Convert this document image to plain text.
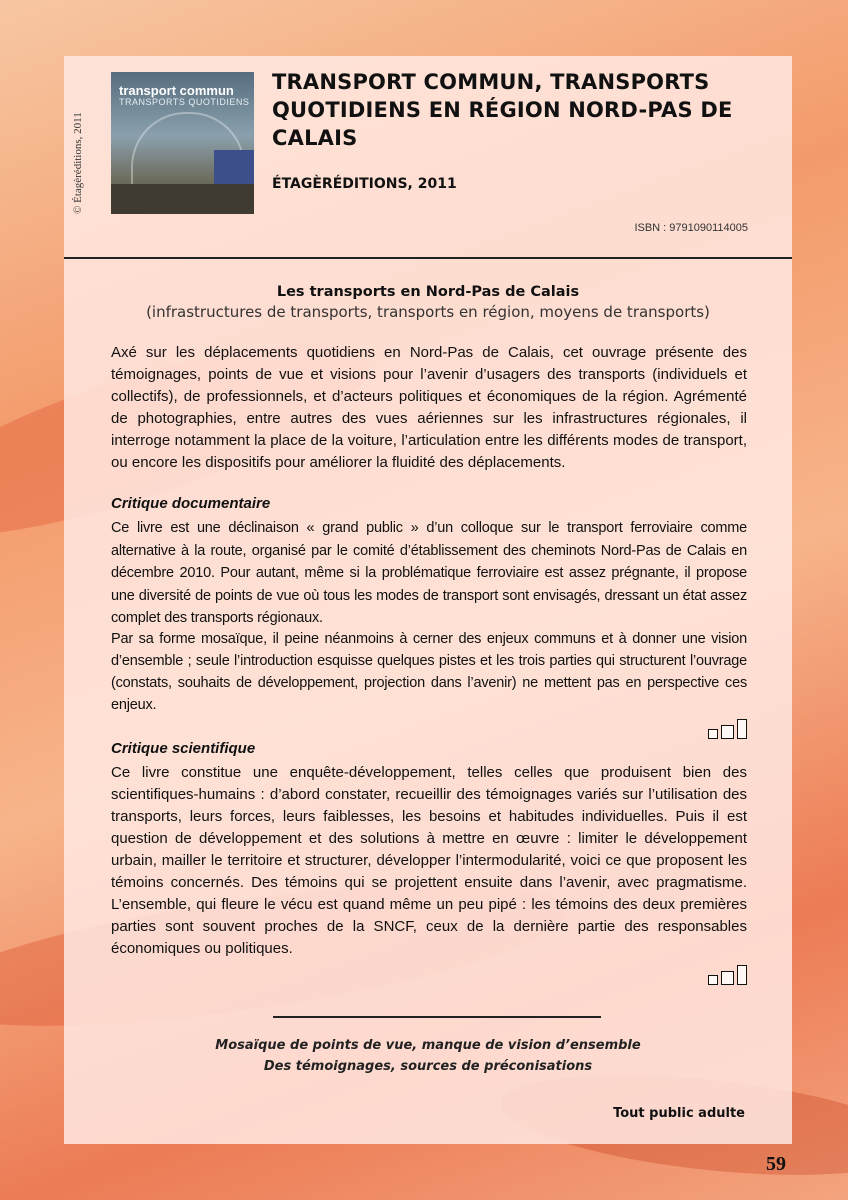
© Étagèréditions, 2011
transport commun
TRANSPORTS QUOTIDIENS
TRANSPORT COMMUN, TRANSPORTS QUOTIDIENS EN RÉGION NORD-PAS DE CALAIS
ÉTAGÈRÉDITIONS, 2011
ISBN : 9791090114005
Les transports en Nord-Pas de Calais
(infrastructures de transports, transports en région, moyens de transports)
Axé sur les déplacements quotidiens en Nord-Pas de Calais, cet ouvrage présente des témoignages, points de vue et visions pour l’avenir d’usagers des transports (individuels et collectifs), de professionnels, et d’acteurs politiques et économiques de la région. Agrémenté de photographies, entre autres des vues aériennes sur les infrastructures régionales, il interroge notamment la place de la voiture, l’articulation entre les différents modes de transport, ou encore les dispositifs pour améliorer la fluidité des déplacements.
Critique documentaire
Ce livre est une déclinaison « grand public » d’un colloque sur le transport ferroviaire comme alternative à la route, organisé par le comité d’établissement des cheminots Nord-Pas de Calais en décembre 2010. Pour autant, même si la problématique ferroviaire est assez prégnante, il propose une diversité de points de vue où tous les modes de transport sont envisagés, dressant un état assez complet des transports régionaux.
Par sa forme mosaïque, il peine néanmoins à cerner des enjeux communs et à donner une vision d’ensemble ; seule l’introduction esquisse quelques pistes et les trois parties qui structurent l’ouvrage (constats, souhaits de développement, projection dans l’avenir) ne mettent pas en perspective ces enjeux.
Critique scientifique
Ce livre constitue une enquête-développement, telles celles que produisent bien des scientifiques-humains : d’abord constater, recueillir des témoignages variés sur l’utilisation des transports, leurs forces, leurs faiblesses, les besoins et habitudes individuelles. Puis il est question de développement et des solutions à mettre en œuvre : limiter le développement urbain, mailler le territoire et structurer, développer l’intermodularité, voici ce que proposent les témoins concernés. Des témoins qui se projettent ensuite dans l’avenir, avec pragmatisme. L’ensemble, qui fleure le vécu est quand même un peu pipé : les témoins des deux premières parties sont souvent proches de la SNCF, ceux de la dernière partie des responsables économiques ou politiques.
Mosaïque de points de vue, manque de vision d’ensemble
Des témoignages, sources de préconisations
Tout public adulte
59
